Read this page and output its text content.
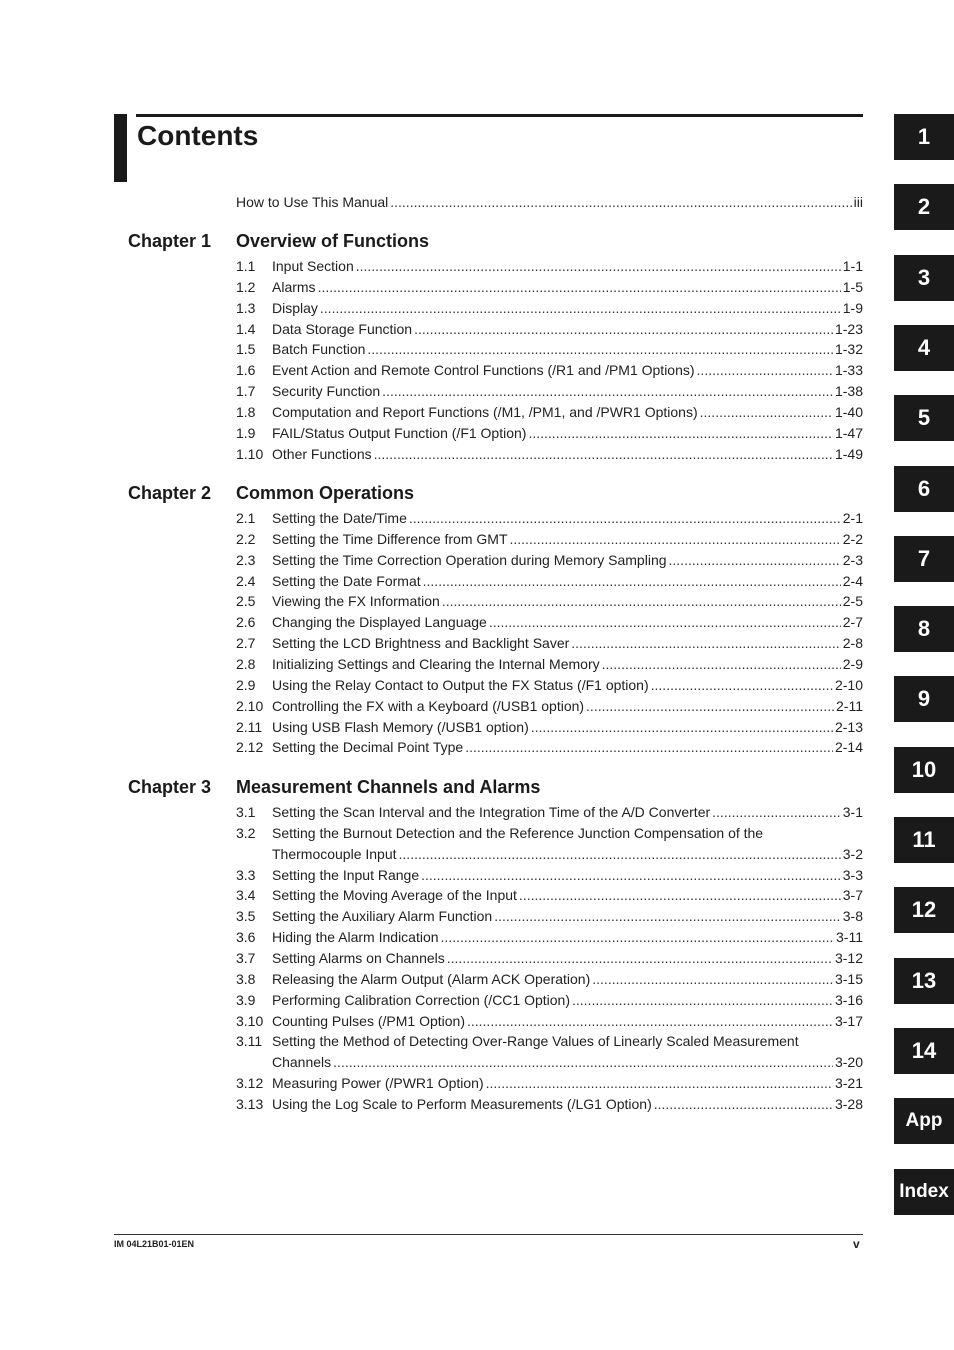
Contents
How to Use This Manual .....	iii
Chapter 1 Overview of Functions
1.1	Input Section .....	1-1
1.2	Alarms .....	1-5
1.3	Display .....	1-9
1.4	Data Storage Function .....	1-23
1.5	Batch Function .....	1-32
1.6	Event Action and Remote Control Functions (/R1 and /PM1 Options) .....	1-33
1.7	Security Function .....	1-38
1.8	Computation and Report Functions (/M1, /PM1, and /PWR1 Options) .....	1-40
1.9	FAIL/Status Output Function (/F1 Option) .....	1-47
1.10 Other Functions .....	1-49
Chapter 2 Common Operations
2.1	Setting the Date/Time .....	2-1
2.2	Setting the Time Difference from GMT .....	2-2
2.3	Setting the Time Correction Operation during Memory Sampling .....	2-3
2.4	Setting the Date Format .....	2-4
2.5	Viewing the FX Information .....	2-5
2.6	Changing the Displayed Language .....	2-7
2.7	Setting the LCD Brightness and Backlight Saver .....	2-8
2.8	Initializing Settings and Clearing the Internal Memory .....	2-9
2.9	Using the Relay Contact to Output the FX Status (/F1 option) .....	2-10
2.10 Controlling the FX with a Keyboard (/USB1 option) .....	2-11
2.11 Using USB Flash Memory (/USB1 option) .....	2-13
2.12 Setting the Decimal Point Type .....	2-14
Chapter 3 Measurement Channels and Alarms
3.1	Setting the Scan Interval and the Integration Time of the A/D Converter .....	3-1
3.2	Setting the Burnout Detection and the Reference Junction Compensation of the
Thermocouple Input .....	3-2
3.3	Setting the Input Range .....	3-3
3.4	Setting the Moving Average of the Input .....	3-7
3.5	Setting the Auxiliary Alarm Function .....	3-8
3.6	Hiding the Alarm Indication .....	3-11
3.7	Setting Alarms on Channels .....	3-12
3.8	Releasing the Alarm Output (Alarm ACK Operation) .....	3-15
3.9	Performing Calibration Correction (/CC1 Option) .....	3-16
3.10 Counting Pulses (/PM1 Option) .....	3-17
3.11 Setting the Method of Detecting Over-Range Values of Linearly Scaled Measurement
Channels .....	3-20
3.12 Measuring Power (/PWR1 Option) .....	3-21
3.13 Using the Log Scale to Perform Measurements (/LG1 Option) .....	3-28
1
2
3
4
5
6
7
8
9
10
11
12
13
14
App
Index
IM 04L21B01-01EN	v
